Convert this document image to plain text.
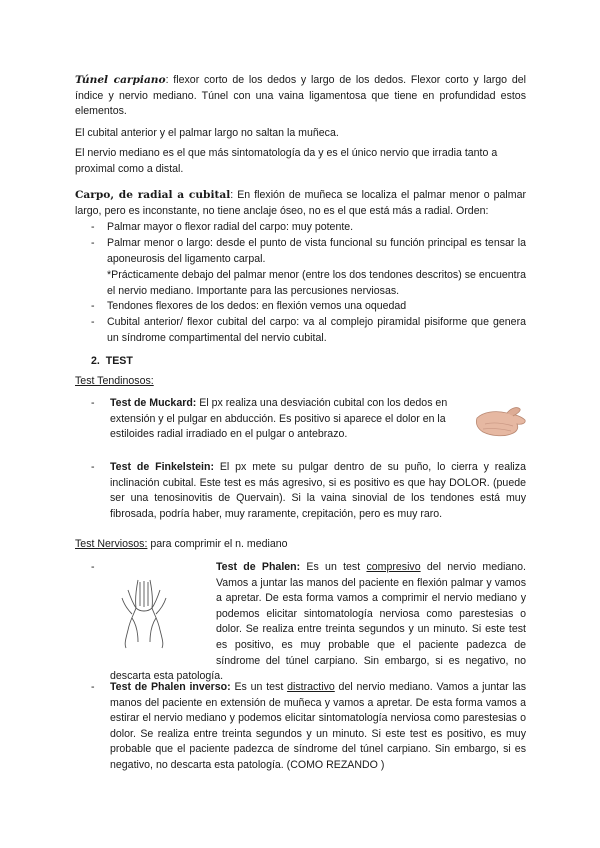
Túnel carpiano: flexor corto de los dedos y largo de los dedos. Flexor corto y largo del índice y nervio mediano. Túnel con una vaina ligamentosa que tiene en profundidad estos elementos.

El cubital anterior y el palmar largo no saltan la muñeca.

El nervio mediano es el que más sintomatología da y es el único nervio que irradia tanto a proximal como a distal.

Carpo, de radial a cubital: En flexión de muñeca se localiza el palmar menor o palmar largo, pero es inconstante, no tiene anclaje óseo, no es el que está más a radial. Orden:

- Palmar mayor o flexor radial del carpo: muy potente.
- Palmar menor o largo: desde el punto de vista funcional su función principal es tensar la aponeurosis del ligamento carpal.
*Prácticamente debajo del palmar menor (entre los dos tendones descritos) se encuentra el nervio mediano. Importante para las percusiones nerviosas.
- Tendones flexores de los dedos: en flexión vemos una oquedad
- Cubital anterior/ flexor cubital del carpo: va al complejo piramidal pisiforme que genera un síndrome compartimental del nervio cubital.
2. TEST
Test Tendinosos:
- Test de Muckard: El px realiza una desviación cubital con los dedos en extensión y el pulgar en abducción. Es positivo si aparece el dolor en la estiloides radial irradiado en el pulgar o antebrazo.

- Test de Finkelstein: El px mete su pulgar dentro de su puño, lo cierra y realiza inclinación cubital. Este test es más agresivo, si es positivo es que hay DOLOR. (puede ser una tenosinovitis de Quervain). Si la vaina sinovial de los tendones está muy fibrosada, podría haber, muy raramente, crepitación, pero es muy raro.

Test Nerviosos: para comprimir el n. mediano
-	Test de Phalen: Es un test compresivo del nervio mediano. Vamos a juntar las manos del paciente en flexión palmar y vamos a apretar. De esta forma vamos a comprimir el nervio mediano y podemos elicitar sintomatología nerviosa como parestesias o dolor. Se realiza entre treinta segundos y un minuto. Si este test es positivo, es muy probable que el paciente padezca de síndrome del túnel carpiano. Sin embargo, si es negativo, no descarta esta patología.

- Test de Phalen inverso: Es un test distractivo del nervio mediano. Vamos a juntar las manos del paciente en extensión de muñeca y vamos a apretar. De esta forma vamos a estirar el nervio mediano y podemos elicitar sintomatología nerviosa como parestesias o dolor. Se realiza entre treinta segundos y un minuto. Si este test es positivo, es muy probable que el paciente padezca de síndrome del túnel carpiano. Sin embargo, si es negativo, no descarta esta patología. (COMO REZANDO )
